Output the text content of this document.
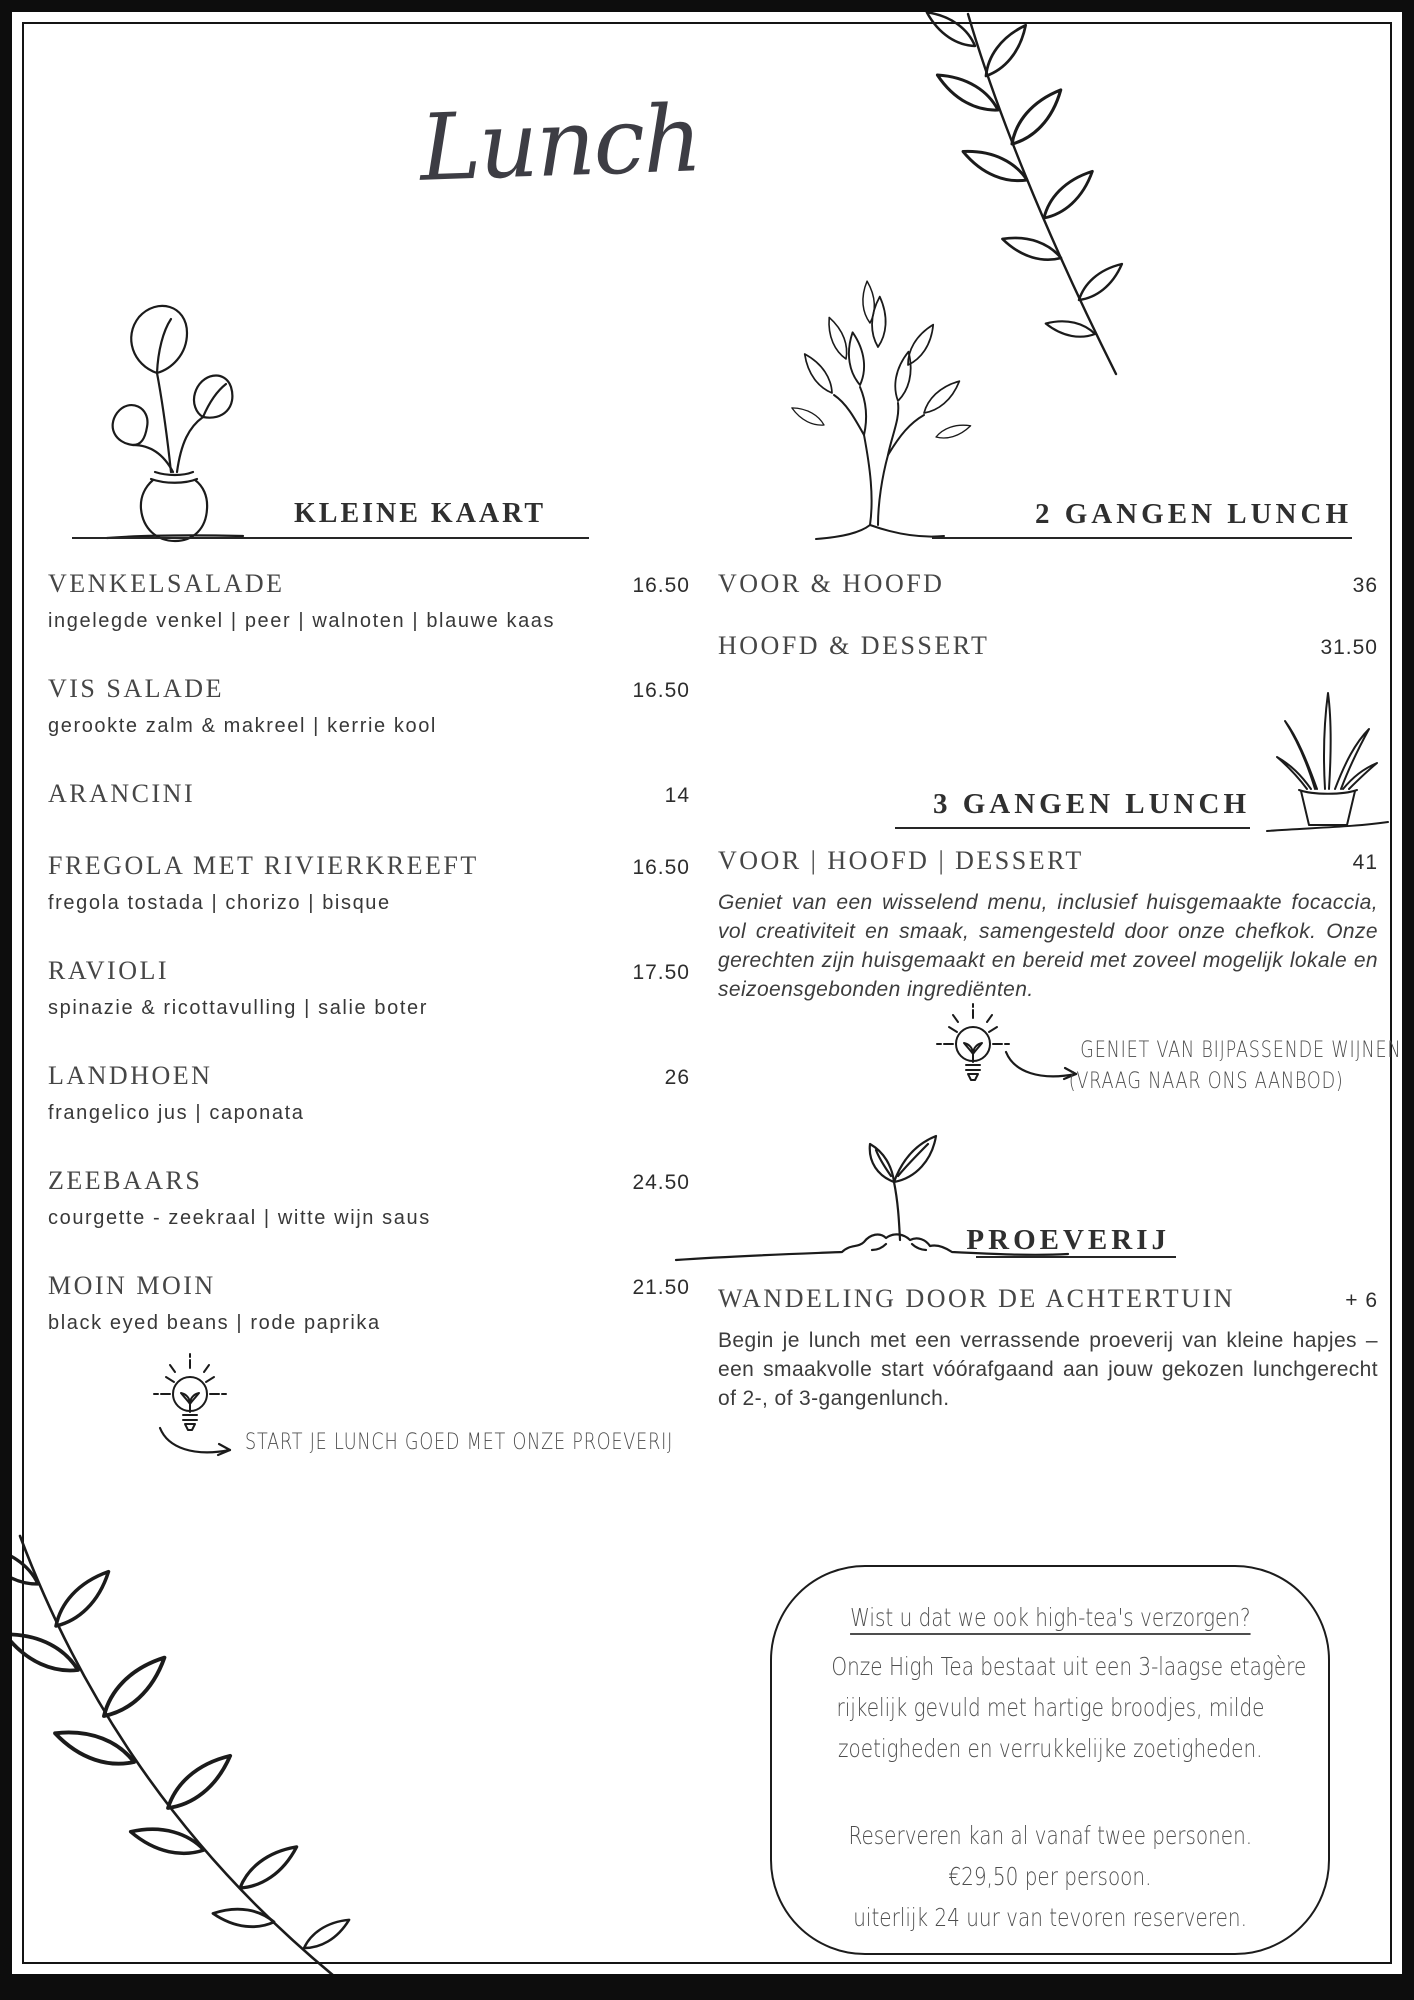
Lunch
KLEINE KAART
VENKELSALADE	16.50
ingelegde venkel | peer | walnoten | blauwe kaas
VIS SALADE	16.50
gerookte zalm & makreel | kerrie kool
ARANCINI	14
FREGOLA MET RIVIERKREEFT	16.50
fregola tostada | chorizo | bisque
RAVIOLI	17.50
spinazie & ricottavulling | salie boter
LANDHOEN	26
frangelico jus | caponata
ZEEBAARS	24.50
courgette - zeekraal | witte wijn saus
MOIN MOIN	21.50
black eyed beans | rode paprika
START JE LUNCH GOED MET ONZE PROEVERIJ
2 GANGEN LUNCH
VOOR & HOOFD	36
HOOFD & DESSERT	31.50
3 GANGEN LUNCH
VOOR | HOOFD | DESSERT	41
Geniet van een wisselend menu, inclusief huisgemaakte focaccia, vol creativiteit en smaak, samengesteld door onze chefkok. Onze gerechten zijn huisgemaakt en bereid met zoveel mogelijk lokale en seizoensgebonden ingrediënten.
GENIET VAN BIJPASSENDE WIJNEN
(VRAAG NAAR ONS AANBOD)
PROEVERIJ
WANDELING DOOR DE ACHTERTUIN	+ 6
Begin je lunch met een verrassende proeverij van kleine hapjes – een smaakvolle start vóórafgaand aan jouw gekozen lunchgerecht of 2-, of 3-gangenlunch.
Wist u dat we ook high-tea's verzorgen?
Onze High Tea bestaat uit een 3-laagse etagère
rijkelijk gevuld met hartige broodjes, milde
zoetigheden en verrukkelijke zoetigheden.
Reserveren kan al vanaf twee personen.
€29,50 per persoon.
uiterlijk 24 uur van tevoren reserveren.
